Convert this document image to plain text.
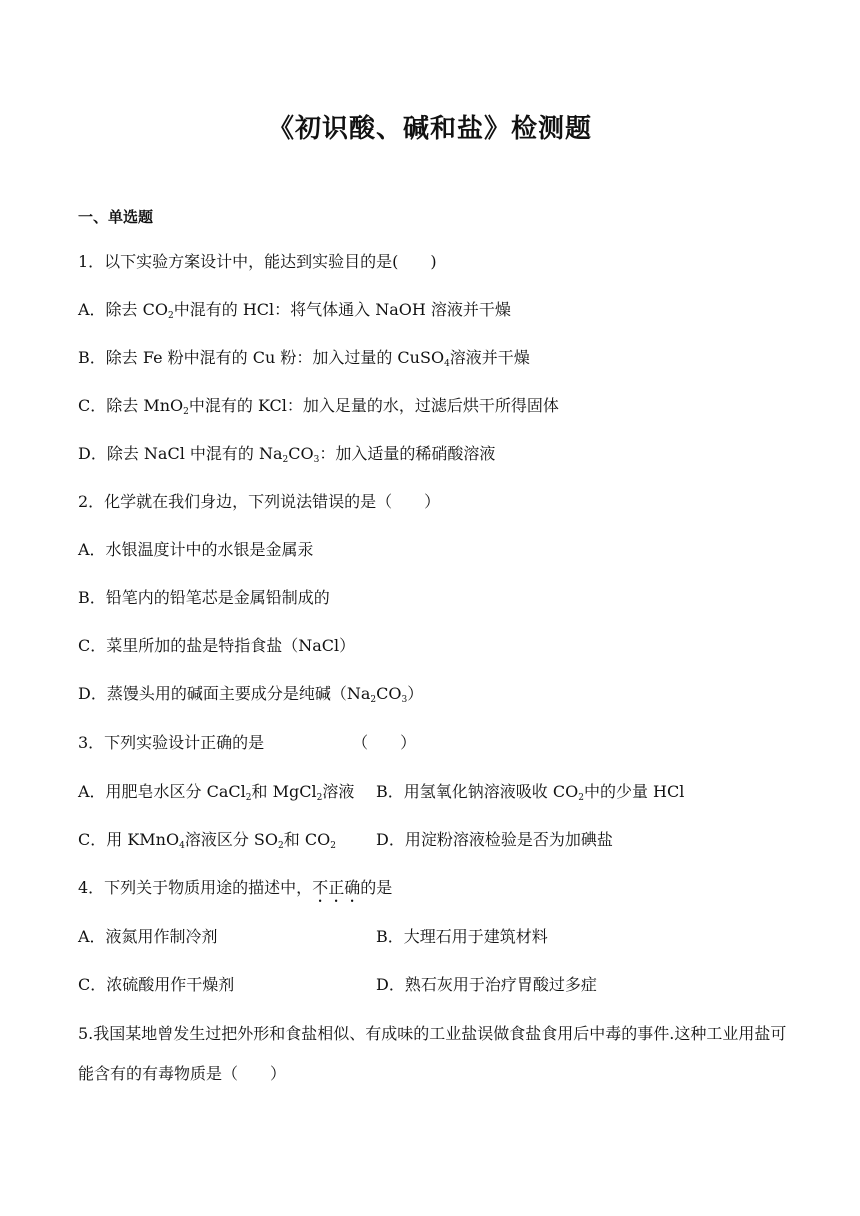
《初识酸、碱和盐》检测题
一、单选题
1．以下实验方案设计中，能达到实验目的是(　　)
A．除去 $CO_2$中混有的 HCl：将气体通入 NaOH 溶液并干燥
B．除去 Fe 粉中混有的 Cu 粉：加入过量的 CuSO$_4$溶液并干燥
C．除去 MnO$_2$中混有的 KCl：加入足量的水，过滤后烘干所得固体
D．除去 NaCl 中混有的 $Na_2CO_3$：加入适量的稀硝酸溶液
2．化学就在我们身边，下列说法错误的是（　　）
A．水银温度计中的水银是金属汞
B．铅笔内的铅笔芯是金属铅制成的
C．菜里所加的盐是特指食盐（NaCl）
D．蒸馒头用的碱面主要成分是纯碱$(Na_2CO_3)$
3．下列实验设计正确的是　　　　　　（　　）
A．用肥皂水区分 CaCl$_2$和 MgCl$_2$溶液 B．用氢氧化钠溶液吸收 $CO_2$中的少量 HCl
C．用 KMnO$_4$溶液区分 $SO_2$和 $CO_2$	D．用淀粉溶液检验是否为加碘盐
4．下列关于物质用途的描述中，不正确的是
A．液氮用作制冷剂	B．大理石用于建筑材料
C．浓硫酸用作干燥剂	D．熟石灰用于治疗胃酸过多症
5.我国某地曾发生过把外形和食盐相似、有成味的工业盐误做食盐食用后中毒的事件.这种工业用盐可能含有的有毒物质是（　　）
